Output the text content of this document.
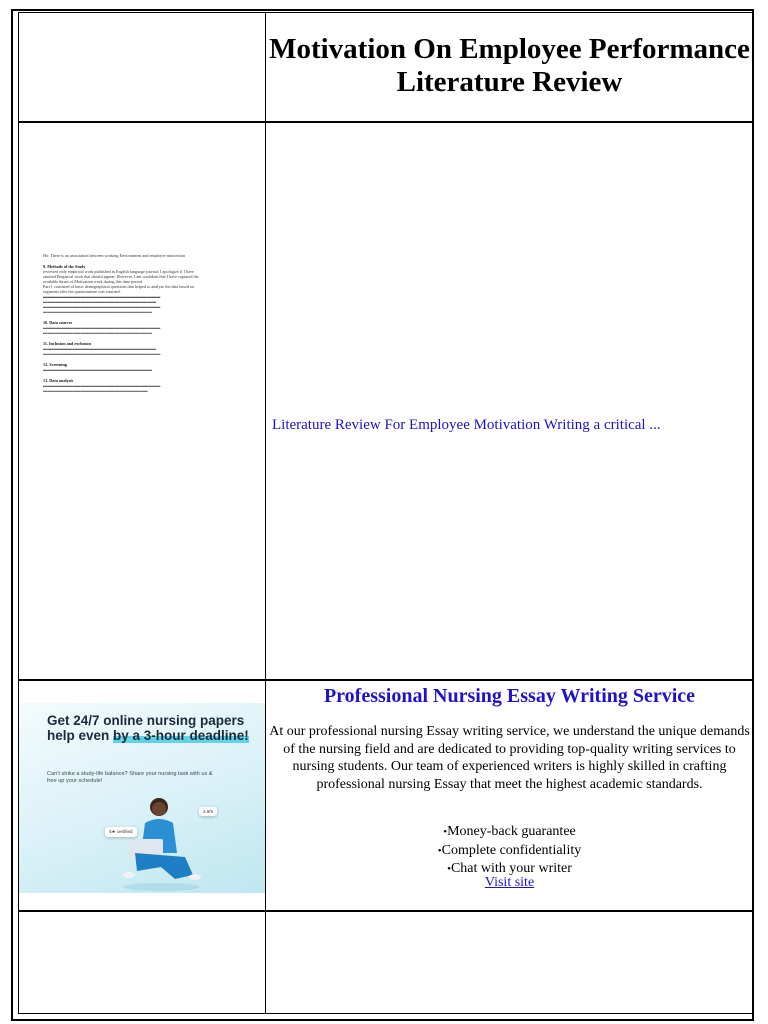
Motivation On Employee Performance Literature Review

Ho: There is an association between working Environment and employee motivation

9. Methods of the Study

reviewed only empirical work published in English language journal; I apologize if I have

omitted Empirical work that should appear. However, I am confident that I have captured the

available thrust of Motivation work during this time period.

Part 1 consisted of basic demographical questions that helped to analyze the data based on

segments after the questionnaire was returned.

▬▬▬▬▬▬▬▬▬▬▬▬▬▬▬▬▬▬▬▬▬▬▬▬▬▬▬▬

▬▬▬▬▬▬▬▬▬▬▬▬▬▬▬▬▬▬▬▬▬▬▬▬▬▬▬

▬▬▬▬▬▬▬▬▬▬▬▬▬▬▬▬▬▬▬▬▬▬▬▬▬▬▬▬

▬▬▬▬▬▬▬▬▬▬▬▬▬▬▬▬▬▬▬▬▬▬▬▬▬▬

10. Data sources

▬▬▬▬▬▬▬▬▬▬▬▬▬▬▬▬▬▬▬▬▬▬▬▬▬▬▬▬

▬▬▬▬▬▬▬▬▬▬▬▬▬▬▬▬▬▬▬▬▬▬▬▬▬▬

11. Inclusion and exclusion

▬▬▬▬▬▬▬▬▬▬▬▬▬▬▬▬▬▬▬▬▬▬▬▬▬▬▬

▬▬▬▬▬▬▬▬▬▬▬▬▬▬▬▬▬▬▬▬▬▬▬▬▬▬▬▬

12. Screening

▬▬▬▬▬▬▬▬▬▬▬▬▬▬▬▬▬▬▬▬▬▬▬▬▬▬

13. Data analysis

▬▬▬▬▬▬▬▬▬▬▬▬▬▬▬▬▬▬▬▬▬▬▬▬▬▬▬▬

▬▬▬▬▬▬▬▬▬▬▬▬▬▬▬▬▬▬▬▬▬▬▬▬▬

Literature Review For Employee Motivation Writing a critical ...
Get 24/7 online nursing papers help even by a 3-hour deadline!
Can't strike a study-life balance? Share your nursing task with us & free up your schedule!
5★ certified
4.9/5
Professional Nursing Essay Writing Service
At our professional nursing Essay writing service, we understand the unique demands of the nursing field and are dedicated to providing top-quality writing services to nursing students. Our team of experienced writers is highly skilled in crafting professional nursing Essay that meet the highest academic standards.
• Money-back guarantee
• Complete confidentiality
• Chat with your writer
Visit site
